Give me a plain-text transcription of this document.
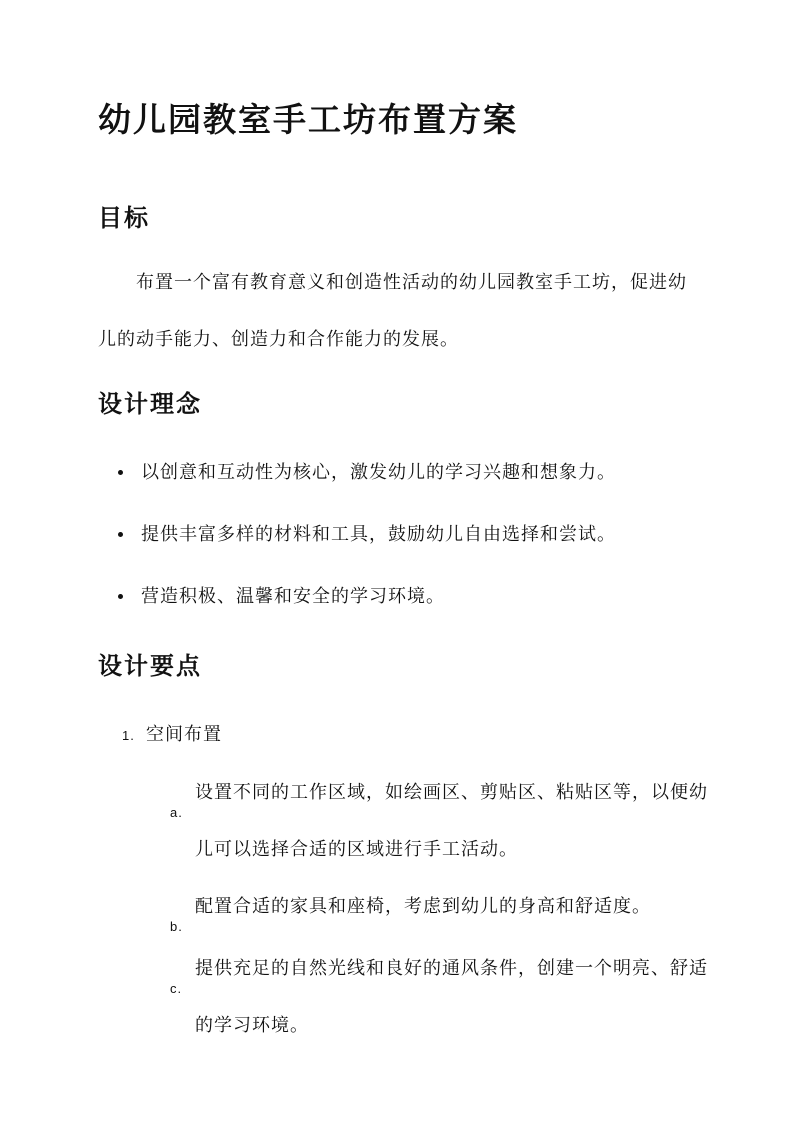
幼儿园教室手工坊布置方案
目标

布置一个富有教育意义和创造性活动的幼儿园教室手工坊，促进幼儿的动手能力、创造力和合作能力的发展。

设计理念
以创意和互动性为核心，激发幼儿的学习兴趣和想象力。
提供丰富多样的材料和工具，鼓励幼儿自由选择和尝试。
营造积极、温馨和安全的学习环境。
设计要点
1. 空间布置
a.
设置不同的工作区域，如绘画区、剪贴区、粘贴区等，以便幼儿可以选择合适的区域进行手工活动。
b.
配置合适的家具和座椅，考虑到幼儿的身高和舒适度。
c.
提供充足的自然光线和良好的通风条件，创建一个明亮、舒适的学习环境。
